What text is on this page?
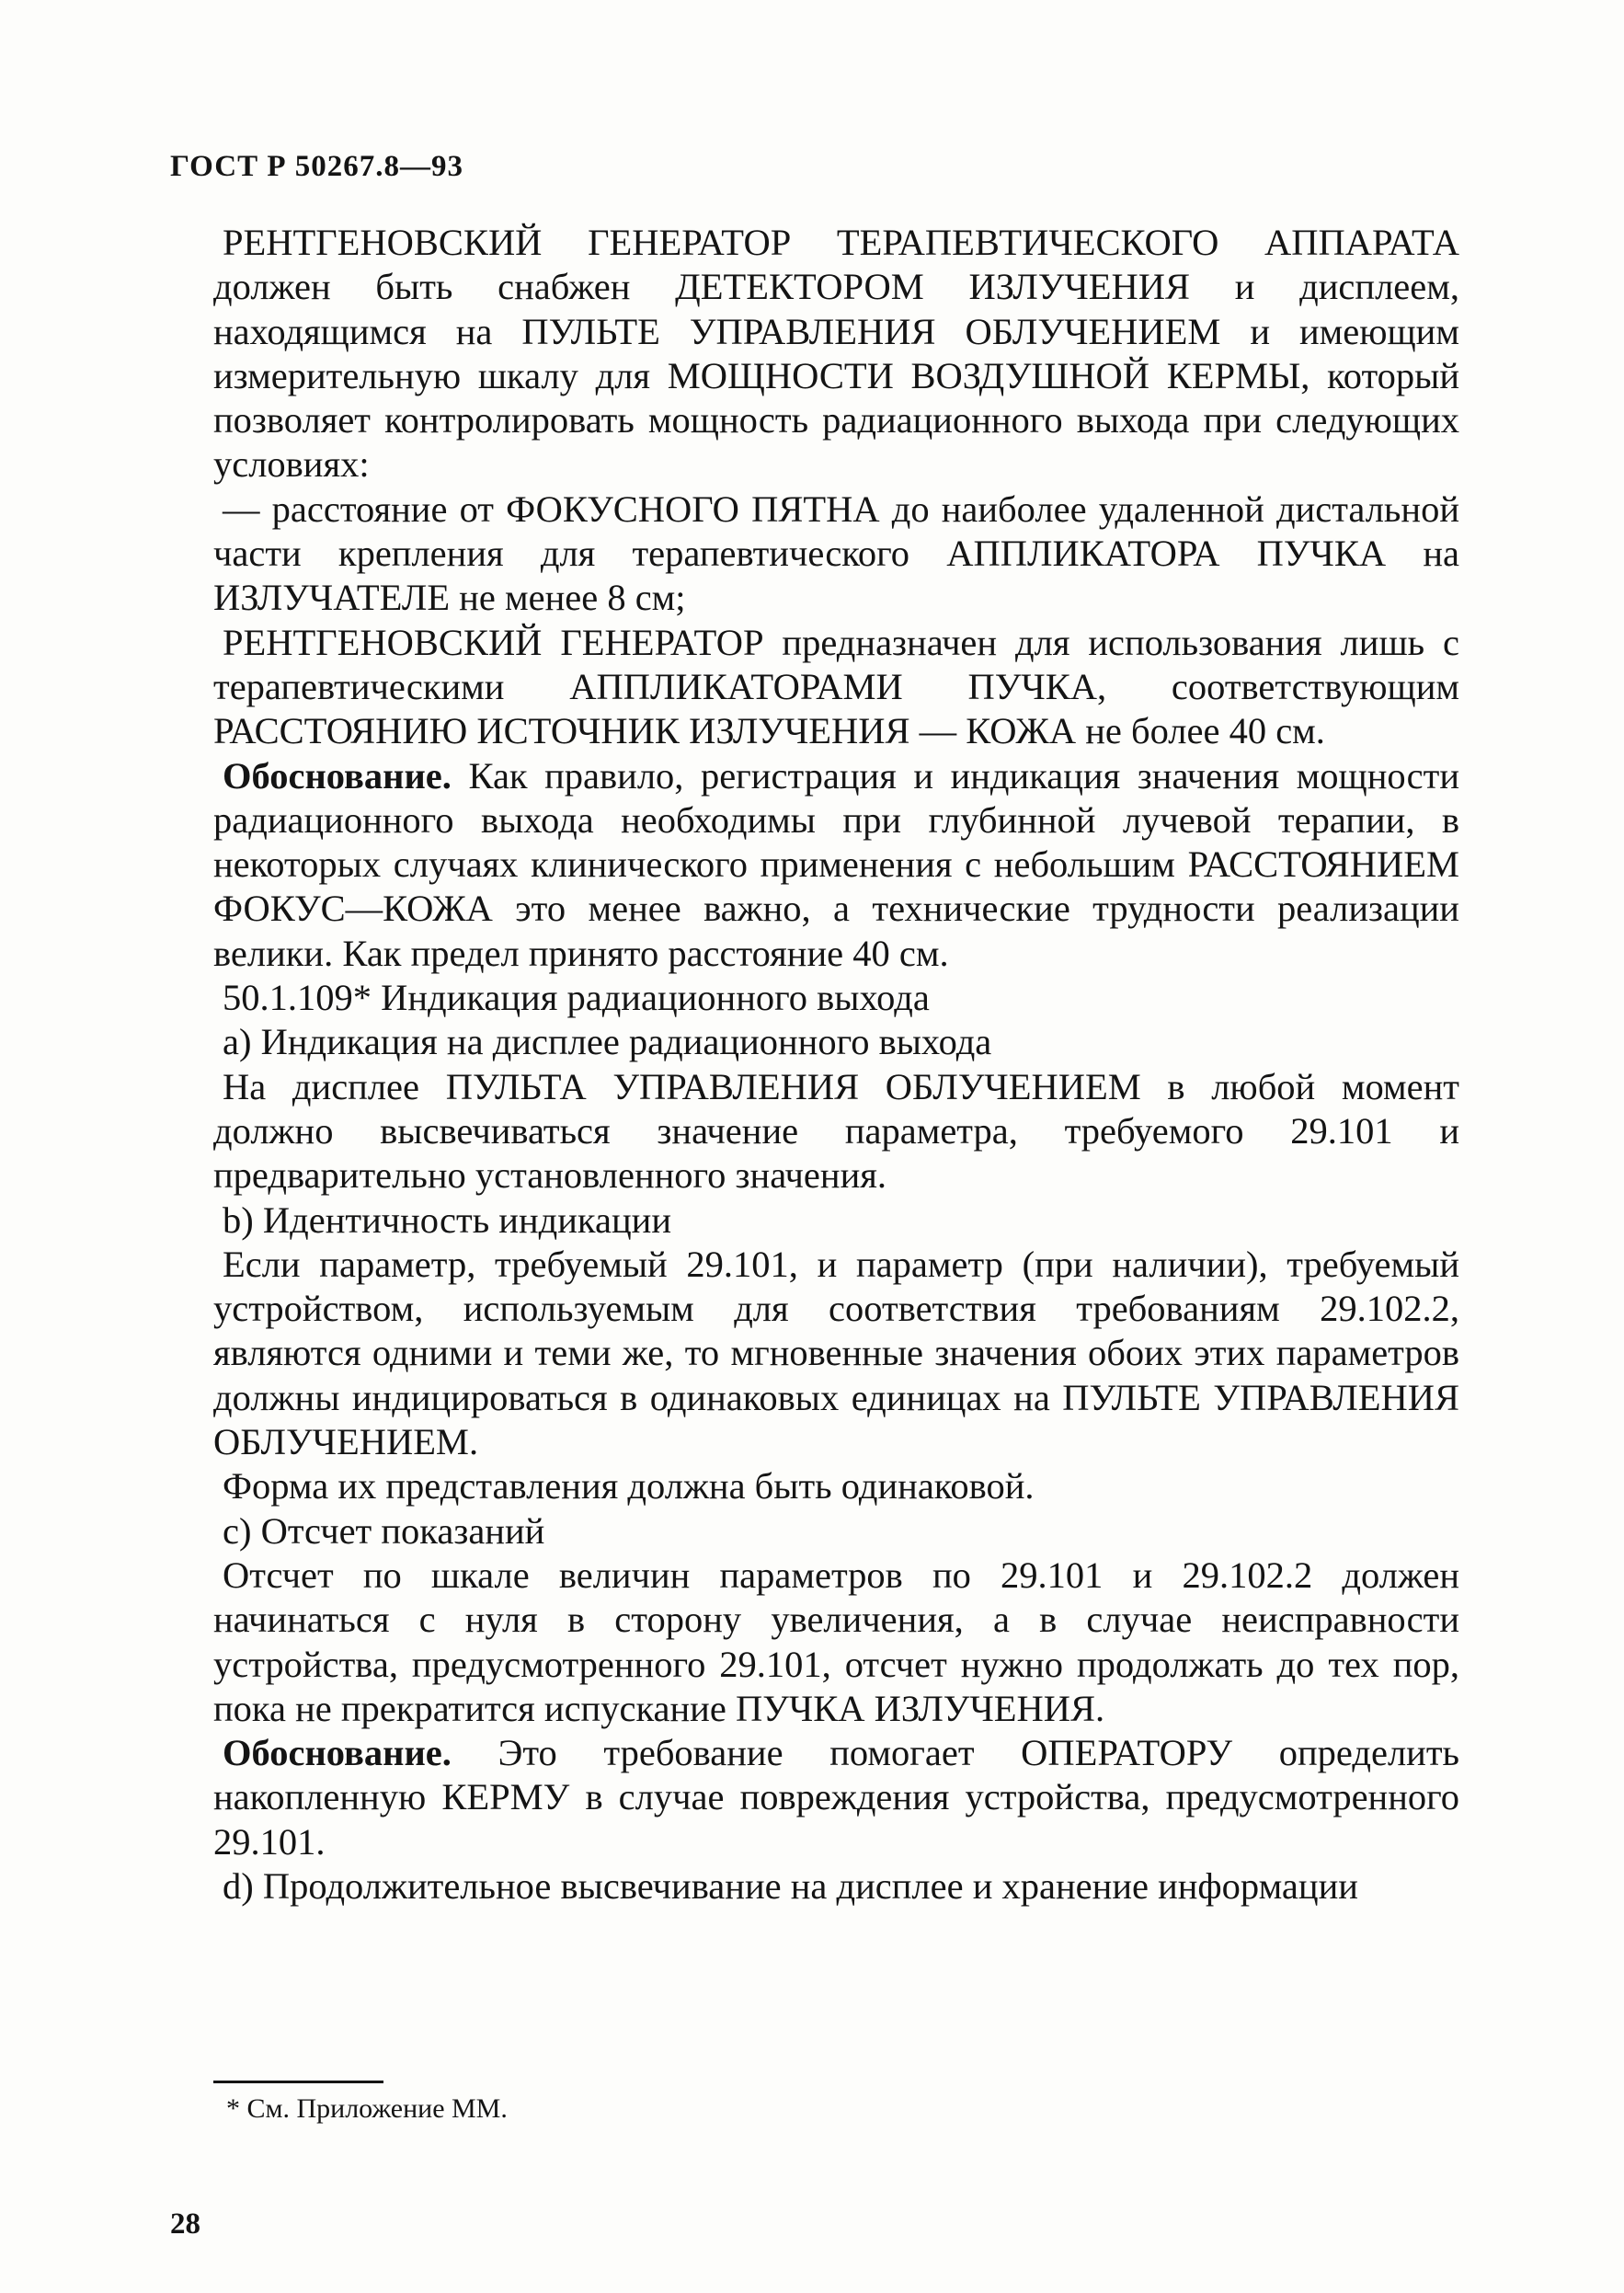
ГОСТ Р 50267.8—93

РЕНТГЕНОВСКИЙ ГЕНЕРАТОР ТЕРАПЕВТИЧЕСКОГО АППАРАТА должен быть снабжен ДЕТЕКТОРОМ ИЗЛУЧЕНИЯ и дисплеем, находящимся на ПУЛЬТЕ УПРАВЛЕНИЯ ОБЛУЧЕНИЕМ и имеющим измерительную шкалу для МОЩНОСТИ ВОЗДУШНОЙ КЕРМЫ, который позволяет контролировать мощность радиационного выхода при следующих условиях:

— расстояние от ФОКУСНОГО ПЯТНА до наиболее удаленной дистальной части крепления для терапевтического АППЛИКАТОРА ПУЧКА на ИЗЛУЧАТЕЛЕ не менее 8 см;

РЕНТГЕНОВСКИЙ ГЕНЕРАТОР предназначен для использования лишь с терапевтическими АППЛИКАТОРАМИ ПУЧКА, соответствующим РАССТОЯНИЮ ИСТОЧНИК ИЗЛУЧЕНИЯ — КОЖА не более 40 см.

Обоснование. Как правило, регистрация и индикация значения мощности радиационного выхода необходимы при глубинной лучевой терапии, в некоторых случаях клинического применения с небольшим РАССТОЯНИЕМ ФОКУС—КОЖА это менее важно, а технические трудности реализации велики. Как предел принято расстояние 40 см.

50.1.109* Индикация радиационного выхода

а) Индикация на дисплее радиационного выхода

На дисплее ПУЛЬТА УПРАВЛЕНИЯ ОБЛУЧЕНИЕМ в любой момент должно высвечиваться значение параметра, требуемого 29.101 и предварительно установленного значения.

b) Идентичность индикации

Если параметр, требуемый 29.101, и параметр (при наличии), требуемый устройством, используемым для соответствия требованиям 29.102.2, являются одними и теми же, то мгновенные значения обоих этих параметров должны индицироваться в одинаковых единицах на ПУЛЬТЕ УПРАВЛЕНИЯ ОБЛУЧЕНИЕМ.

Форма их представления должна быть одинаковой.

с) Отсчет показаний

Отсчет по шкале величин параметров по 29.101 и 29.102.2 должен начинаться с нуля в сторону увеличения, а в случае неисправности устройства, предусмотренного 29.101, отсчет нужно продолжать до тех пор, пока не прекратится испускание ПУЧКА ИЗЛУЧЕНИЯ.

Обоснование. Это требование помогает ОПЕРАТОРУ определить накопленную КЕРМУ в случае повреждения устройства, предусмотренного 29.101.

d) Продолжительное высвечивание на дисплее и хранение информации

* См. Приложение ММ.
28
